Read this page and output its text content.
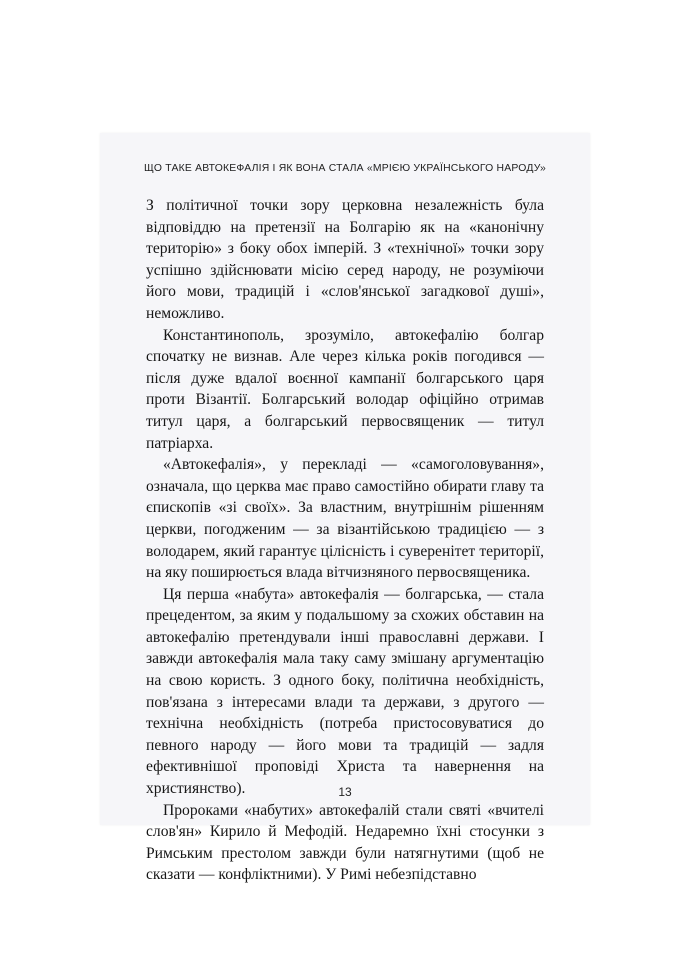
ЩО ТАКЕ АВТОКЕФАЛІЯ І ЯК ВОНА СТАЛА «МРІЄЮ УКРАЇНСЬКОГО НАРОДУ»

З політичної точки зору церковна незалежність була відповіддю на претензії на Болгарію як на «канонічну територію» з боку обох імперій. З «технічної» точки зору успішно здійснювати місію серед народу, не розуміючи його мови, традицій і «слов'янської загадкової душі», неможливо.

Константинополь, зрозуміло, автокефалію болгар спочатку не визнав. Але через кілька років погодився — після дуже вдалої воєнної кампанії болгарського царя проти Візантії. Болгарський володар офіційно отримав титул царя, а болгарський первосвященик — титул патріарха.

«Автокефалія», у перекладі — «самоголовування», означала, що церква має право самостійно обирати главу та єпископів «зі своїх». За властним, внутрішнім рішенням церкви, погодженим — за візантійською традицією — з володарем, який гарантує цілісність і суверенітет території, на яку поширюється влада вітчизняного первосвященика.

Ця перша «набута» автокефалія — болгарська, — стала прецедентом, за яким у подальшому за схожих обставин на автокефалію претендували інші православні держави. І завжди автокефалія мала таку саму змішану аргументацію на свою користь. З одного боку, політична необхідність, пов'язана з інтересами влади та держави, з другого — технічна необхідність (потреба пристосовуватися до певного народу — його мови та традицій — задля ефективнішої проповіді Христа та навернення на християнство).

Пророками «набутих» автокефалій стали святі «вчителі слов'ян» Кирило й Мефодій. Недаремно їхні стосунки з Римським престолом завжди були натягнутими (щоб не сказати — конфліктними). У Римі небезпідставно

13
